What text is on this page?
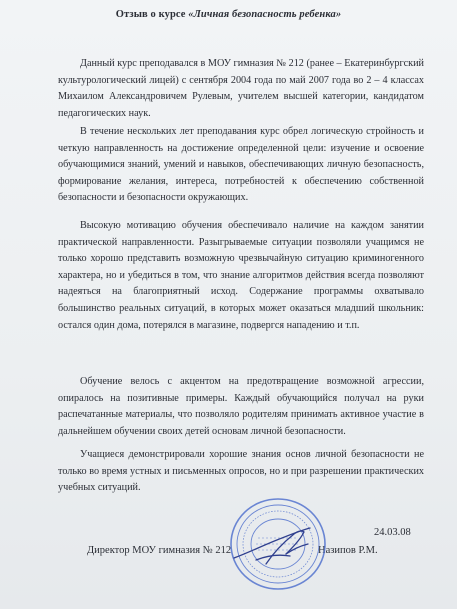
Отзыв о курсе «Личная безопасность ребенка»

Данный курс преподавался в МОУ гимназия № 212 (ранее – Екатеринбургский культурологический лицей) с сентября 2004 года по май 2007 года во 2 – 4 классах Михаилом Александровичем Рулевым, учителем высшей категории, кандидатом педагогических наук.

В течение нескольких лет преподавания курс обрел логическую стройность и четкую направленность на достижение определенной цели: изучение и освоение обучающимися знаний, умений и навыков, обеспечивающих личную безопасность, формирование желания, интереса, потребностей к обеспечению собственной безопасности и безопасности окружающих.

Высокую мотивацию обучения обеспечивало наличие на каждом занятии практической направленности. Разыгрываемые ситуации позволяли учащимся не только хорошо представить возможную чрезвычайную ситуацию криминогенного характера, но и убедиться в том, что знание алгоритмов действия всегда позволяют надеяться на благоприятный исход. Содержание программы охватывало большинство реальных ситуаций, в которых может оказаться младший школьник: остался один дома, потерялся в магазине, подвергся нападению и т.п.

Обучение велось с акцентом на предотвращение возможной агрессии, опиралось на позитивные примеры. Каждый обучающийся получал на руки распечатанные материалы, что позволяло родителям принимать активное участие в дальнейшем обучении своих детей основам личной безопасности.

Учащиеся демонстрировали хорошие знания основ личной безопасности не только во время устных и письменных опросов, но и при разрешении практических учебных ситуаций.

24.03.08
Директор МОУ гимназия № 212	Назипов Р.М.
